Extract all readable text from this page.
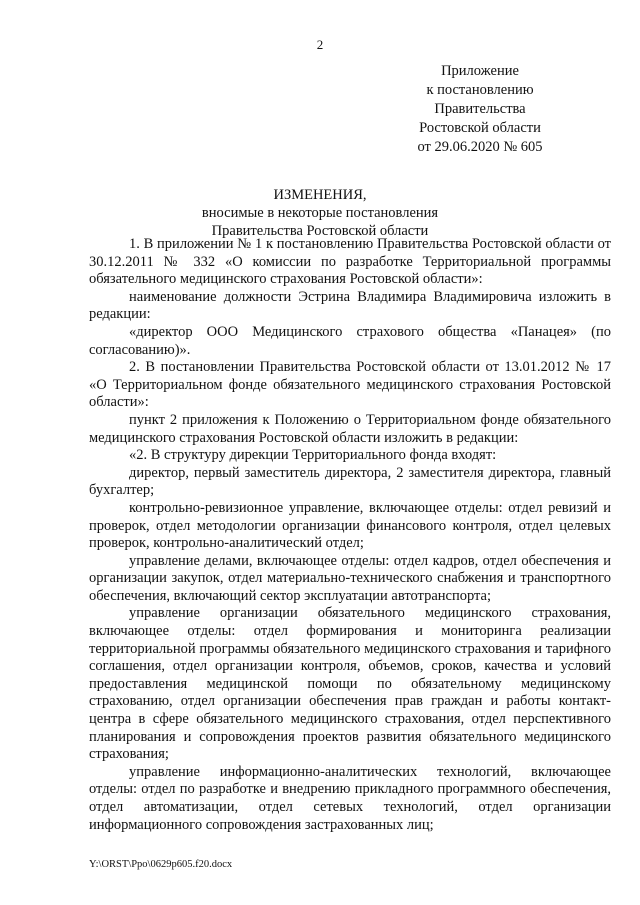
2
Приложение
к постановлению
Правительства
Ростовской области
от 29.06.2020 № 605
ИЗМЕНЕНИЯ,
вносимые в некоторые постановления
Правительства Ростовской области

1. В приложении № 1 к постановлению Правительства Ростовской области от 30.12.2011 № 332 «О комиссии по разработке Территориальной программы обязательного медицинского страхования Ростовской области»:

наименование должности Эстрина Владимира Владимировича изложить в редакции:

«директор ООО Медицинского страхового общества «Панацея» (по согласованию)».

2. В постановлении Правительства Ростовской области от 13.01.2012 № 17 «О Территориальном фонде обязательного медицинского страхования Ростовской области»:

пункт 2 приложения к Положению о Территориальном фонде обязательного медицинского страхования Ростовской области изложить в редакции:

«2. В структуру дирекции Территориального фонда входят:

директор, первый заместитель директора, 2 заместителя директора, главный бухгалтер;

контрольно-ревизионное управление, включающее отделы: отдел ревизий и проверок, отдел методологии организации финансового контроля, отдел целевых проверок, контрольно-аналитический отдел;

управление делами, включающее отделы: отдел кадров, отдел обеспечения и организации закупок, отдел материально-технического снабжения и транспортного обеспечения, включающий сектор эксплуатации автотранспорта;

управление организации обязательного медицинского страхования, включающее отделы: отдел формирования и мониторинга реализации территориальной программы обязательного медицинского страхования и тарифного соглашения, отдел организации контроля, объемов, сроков, качества и условий предоставления медицинской помощи по обязательному медицинскому страхованию, отдел организации обеспечения прав граждан и работы контакт-центра в сфере обязательного медицинского страхования, отдел перспективного планирования и сопровождения проектов развития обязательного медицинского страхования;

управление информационно-аналитических технологий, включающее отделы: отдел по разработке и внедрению прикладного программного обеспечения, отдел автоматизации, отдел сетевых технологий, отдел организации информационного сопровождения застрахованных лиц;

Y:\ORST\Ppo\0629p605.f20.docx
